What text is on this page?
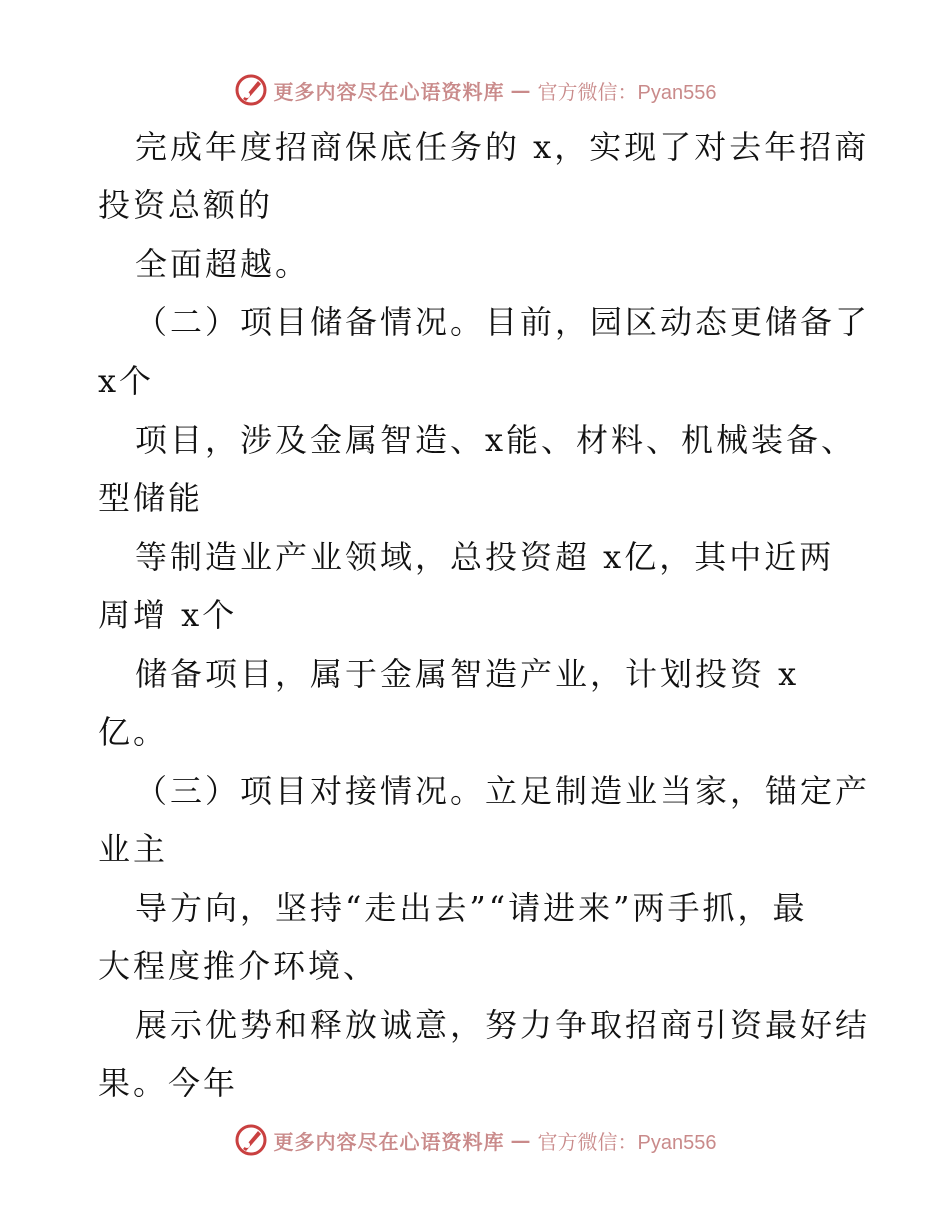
更多内容尽在心语资料库 — 官方微信：Pyan556
完成年度招商保底任务的 x，实现了对去年招商
投资总额的
全面超越。
（二）项目储备情况。目前，园区动态更储备了
x个
项目，涉及金属智造、x能、材料、机械装备、
型储能
等制造业产业领域，总投资超 x亿，其中近两
周增 x个
储备项目，属于金属智造产业，计划投资 x
亿。
（三）项目对接情况。立足制造业当家，锚定产
业主
导方向，坚持“走出去”“请进来”两手抓，最
大程度推介环境、
展示优势和释放诚意，努力争取招商引资最好结
果。今年
更多内容尽在心语资料库 — 官方微信：Pyan556
